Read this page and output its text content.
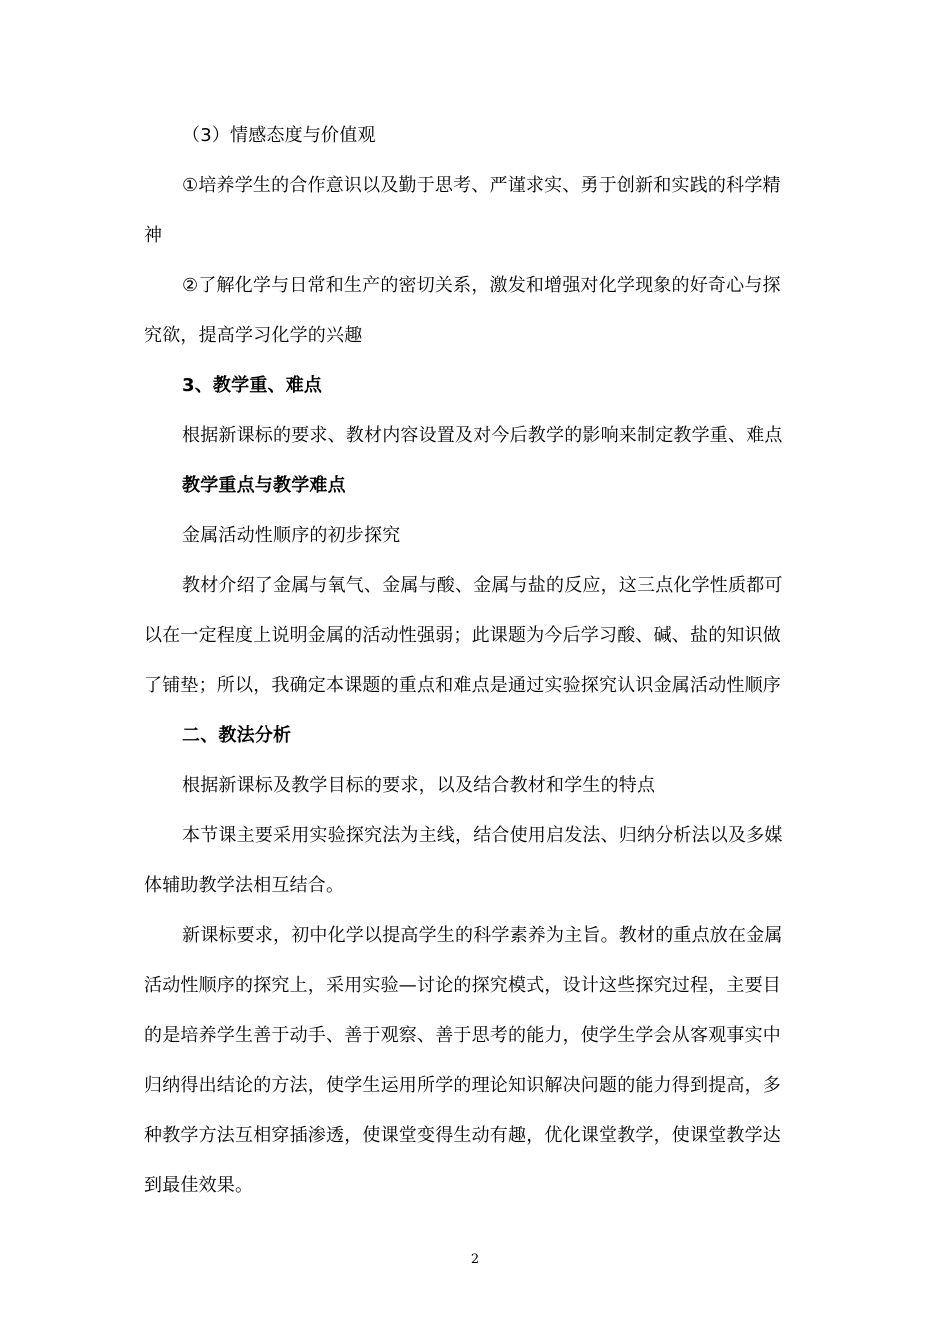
（3）情感态度与价值观
①培养学生的合作意识以及勤于思考、严谨求实、勇于创新和实践的科学精
神
②了解化学与日常和生产的密切关系，激发和增强对化学现象的好奇心与探
究欲，提高学习化学的兴趣
3、教学重、难点
根据新课标的要求、教材内容设置及对今后教学的影响来制定教学重、难点
教学重点与教学难点
金属活动性顺序的初步探究
教材介绍了金属与氧气、金属与酸、金属与盐的反应，这三点化学性质都可
以在一定程度上说明金属的活动性强弱；此课题为今后学习酸、碱、盐的知识做
了铺垫；所以，我确定本课题的重点和难点是通过实验探究认识金属活动性顺序
二、教法分析
根据新课标及教学目标的要求，以及结合教材和学生的特点
本节课主要采用实验探究法为主线，结合使用启发法、归纳分析法以及多媒
体辅助教学法相互结合。
新课标要求，初中化学以提高学生的科学素养为主旨。教材的重点放在金属
活动性顺序的探究上，采用实验—讨论的探究模式，设计这些探究过程，主要目
的是培养学生善于动手、善于观察、善于思考的能力，使学生学会从客观事实中
归纳得出结论的方法，使学生运用所学的理论知识解决问题的能力得到提高，多
种教学方法互相穿插渗透，使课堂变得生动有趣，优化课堂教学，使课堂教学达
到最佳效果。
2
